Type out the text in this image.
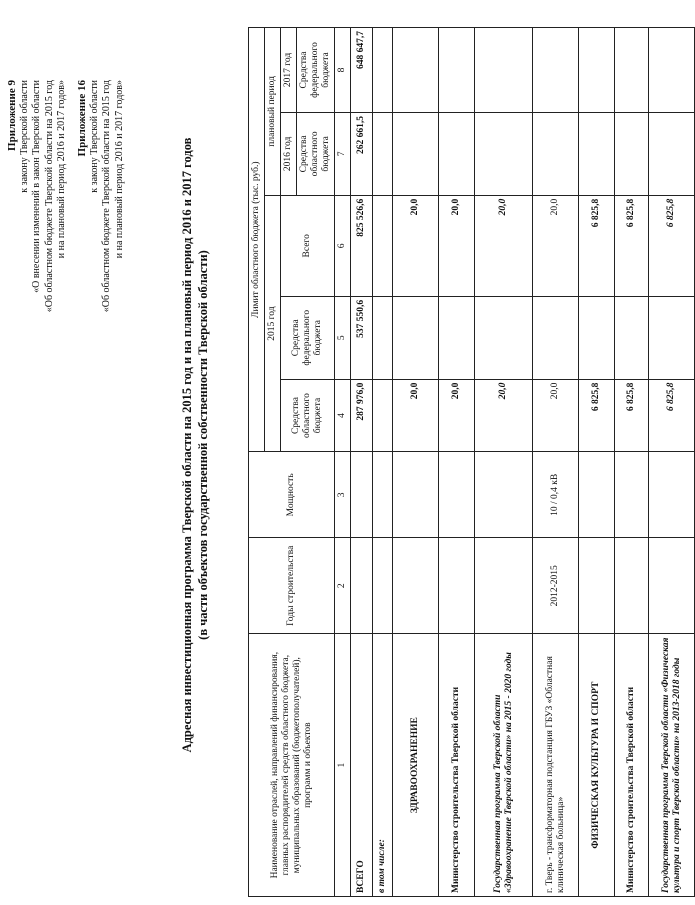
Приложение 9 к закону Тверской области «О внесении изменений в закон Тверской области «Об областном бюджете Тверской области на 2015 год и на плановый период 2016 и 2017 годов» Приложение 16 к закону Тверской области «Об областном бюджете Тверской области на 2015 год и на плановый период 2016 и 2017 годов»	Адресная инвестиционная программа Тверской области на 2015 год и на плановый период 2016 и 2017 годов (в части объектов государственной собственности Тверской области)
Наименование отраслей, направлений финансирования, главных распорядителей средств областного бюджета, муниципальных образований (бюджетополучателей), программ и объектов	Годы строительства	Мощность	Лимит областного бюджета (тыс. руб.)				
			2015 год			плановый период	
			Средства областного бюджета	Средства федерального бюджета	Всего	2016 год	2017 год
						Средства областного бюджета	Средства федерального бюджета
1	2	3	4	5	6	7	8
ВСЕГО			287 976,0	537 550,6	825 526,6	262 661,5	648 647,7
в том числе:							
ЗДРАВООХРАНЕНИЕ			20,0		20,0		
Министерство строительства Тверской области			20,0		20,0		
Государственная программа Тверской области «Здравоохранение Тверской области» на 2015 - 2020 годы			20,0		20,0		
г. Тверь - трансформаторная подстанция ГБУЗ «Областная клиническая больница»	2012-2015	10 / 0,4 кВ	20,0		20,0		
ФИЗИЧЕСКАЯ КУЛЬТУРА И СПОРТ			6 825,8		6 825,8		
Министерство строительства Тверской области			6 825,8		6 825,8		
Государственная программа Тверской области «Физическая культура и спорт Тверской области» на 2013-2018 годы			6 825,8		6 825,8		
